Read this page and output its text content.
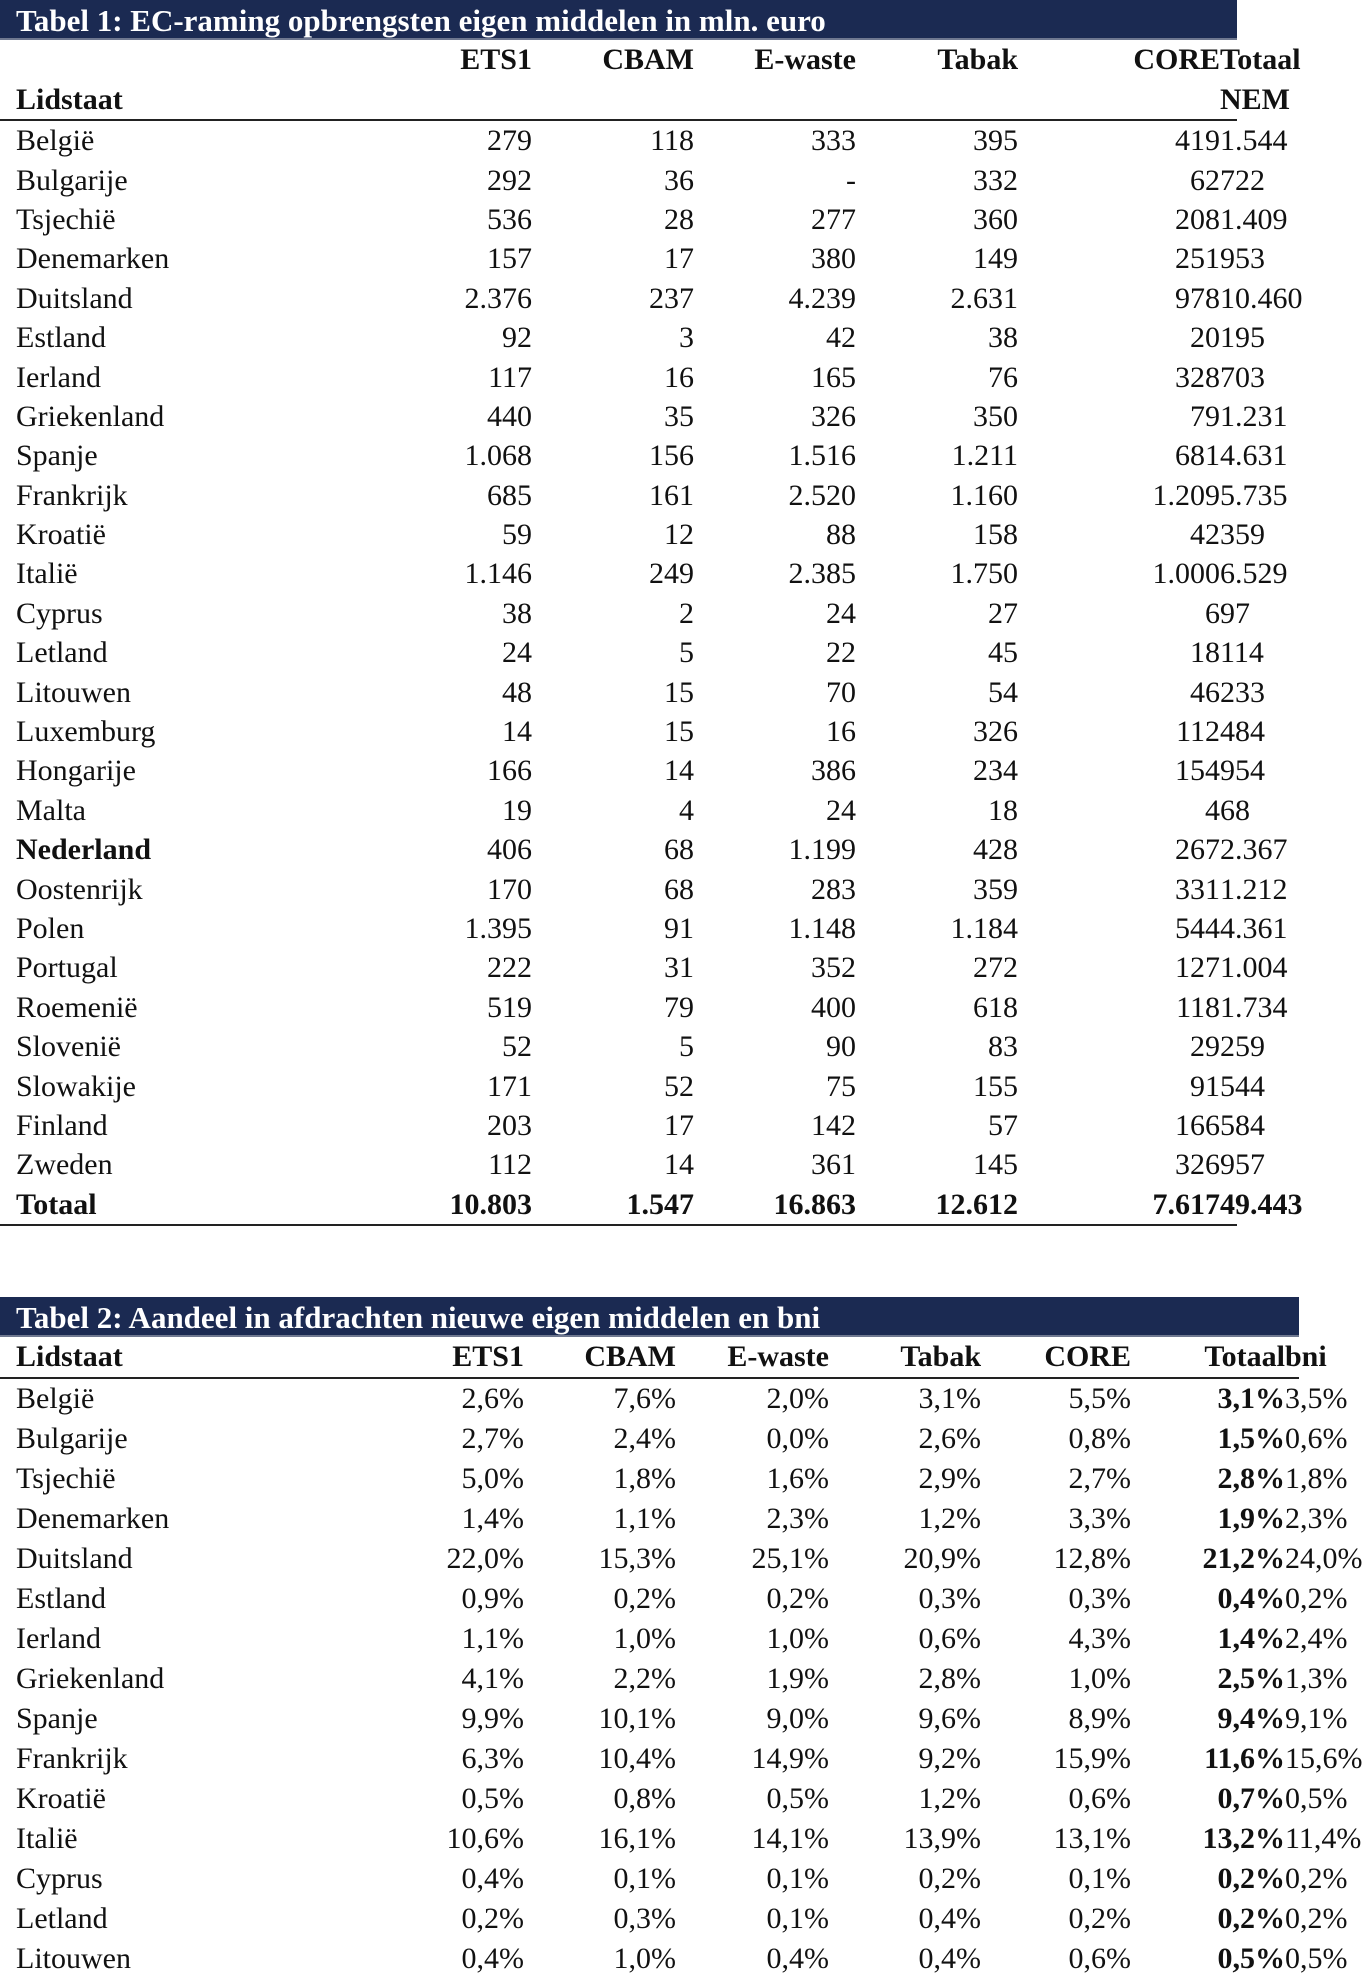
Tabel 1: EC-raming opbrengsten eigen middelen in mln. euro
	ETS1	CBAM	E-waste	Tabak	CORE	Totaal	
Lidstaat						NEM	
België	279	118	333	395	419	1.544	
Bulgarije	292	36	-	332	62	722	
Tsjechië	536	28	277	360	208	1.409	
Denemarken	157	17	380	149	251	953	
Duitsland	2.376	237	4.239	2.631	978	10.460	
Estland	92	3	42	38	20	195	
Ierland	117	16	165	76	328	703	
Griekenland	440	35	326	350	79	1.231	
Spanje	1.068	156	1.516	1.211	681	4.631	
Frankrijk	685	161	2.520	1.160	1.209	5.735	
Kroatië	59	12	88	158	42	359	
Italië	1.146	249	2.385	1.750	1.000	6.529	
Cyprus	38	2	24	27	6	97	
Letland	24	5	22	45	18	114	
Litouwen	48	15	70	54	46	233	
Luxemburg	14	15	16	326	112	484	
Hongarije	166	14	386	234	154	954	
Malta	19	4	24	18	4	68	
Nederland	406	68	1.199	428	267	2.367	
Oostenrijk	170	68	283	359	331	1.212	
Polen	1.395	91	1.148	1.184	544	4.361	
Portugal	222	31	352	272	127	1.004	
Roemenië	519	79	400	618	118	1.734	
Slovenië	52	5	90	83	29	259	
Slowakije	171	52	75	155	91	544	
Finland	203	17	142	57	166	584	
Zweden	112	14	361	145	326	957	
Totaal	10.803	1.547	16.863	12.612	7.617	49.443	
Tabel 2: Aandeel in afdrachten nieuwe eigen middelen en bni
Lidstaat	ETS1	CBAM	E-waste	Tabak	CORE	Totaal	bni	
België	2,6%	7,6%	2,0%	3,1%	5,5%	3,1%	3,5%	
Bulgarije	2,7%	2,4%	0,0%	2,6%	0,8%	1,5%	0,6%	
Tsjechië	5,0%	1,8%	1,6%	2,9%	2,7%	2,8%	1,8%	
Denemarken	1,4%	1,1%	2,3%	1,2%	3,3%	1,9%	2,3%	
Duitsland	22,0%	15,3%	25,1%	20,9%	12,8%	21,2%	24,0%	
Estland	0,9%	0,2%	0,2%	0,3%	0,3%	0,4%	0,2%	
Ierland	1,1%	1,0%	1,0%	0,6%	4,3%	1,4%	2,4%	
Griekenland	4,1%	2,2%	1,9%	2,8%	1,0%	2,5%	1,3%	
Spanje	9,9%	10,1%	9,0%	9,6%	8,9%	9,4%	9,1%	
Frankrijk	6,3%	10,4%	14,9%	9,2%	15,9%	11,6%	15,6%	
Kroatië	0,5%	0,8%	0,5%	1,2%	0,6%	0,7%	0,5%	
Italië	10,6%	16,1%	14,1%	13,9%	13,1%	13,2%	11,4%	
Cyprus	0,4%	0,1%	0,1%	0,2%	0,1%	0,2%	0,2%	
Letland	0,2%	0,3%	0,1%	0,4%	0,2%	0,2%	0,2%	
Litouwen	0,4%	1,0%	0,4%	0,4%	0,6%	0,5%	0,5%	
